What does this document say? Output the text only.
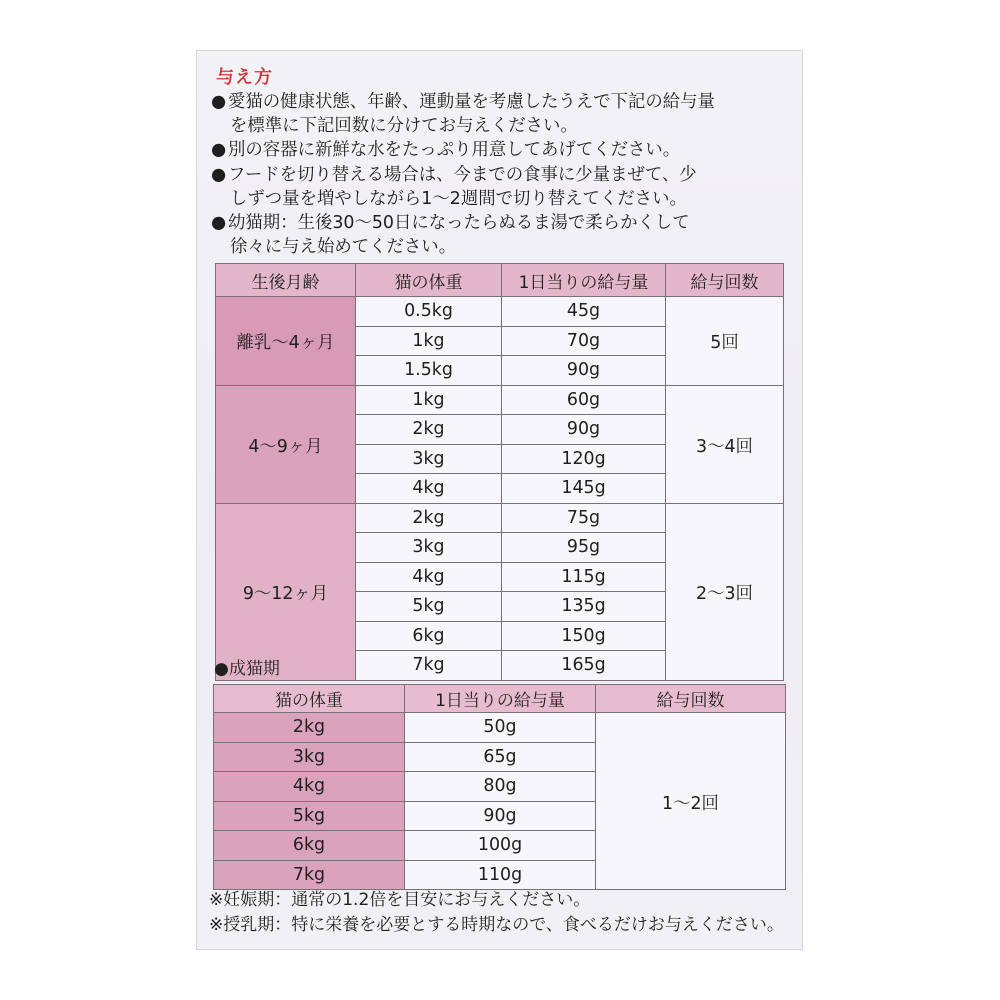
与え方
● 愛猫の健康状態、年齢、運動量を考慮したうえで下記の給与量
を標準に下記回数に分けてお与えください。
● 別の容器に新鮮な水をたっぷり用意してあげてください。
● フードを切り替える場合は、今までの食事に少量まぜて、少
しずつ量を増やしながら1～2週間で切り替えてください。
● 幼猫期：生後30～50日になったらぬるま湯で柔らかくして
徐々に与え始めてください。
生後月齢	猫の体重	1日当りの給与量	給与回数
離乳～4ヶ月	0.5kg	45g	5回
	1kg	70g	
	1.5kg	90g	
4～9ヶ月	1kg	60g	3～4回
	2kg	90g	
	3kg	120g	
	4kg	145g	
9～12ヶ月	2kg	75g	2～3回
	3kg	95g	
	4kg	115g	
	5kg	135g	
	6kg	150g	
	7kg	165g	
●成猫期
猫の体重	1日当りの給与量	給与回数
2kg	50g	1～2回
3kg	65g	
4kg	80g	
5kg	90g	
6kg	100g	
7kg	110g	
※妊娠期：通常の1.2倍を目安にお与えください。
※授乳期：特に栄養を必要とする時期なので、食べるだけお与えください。
